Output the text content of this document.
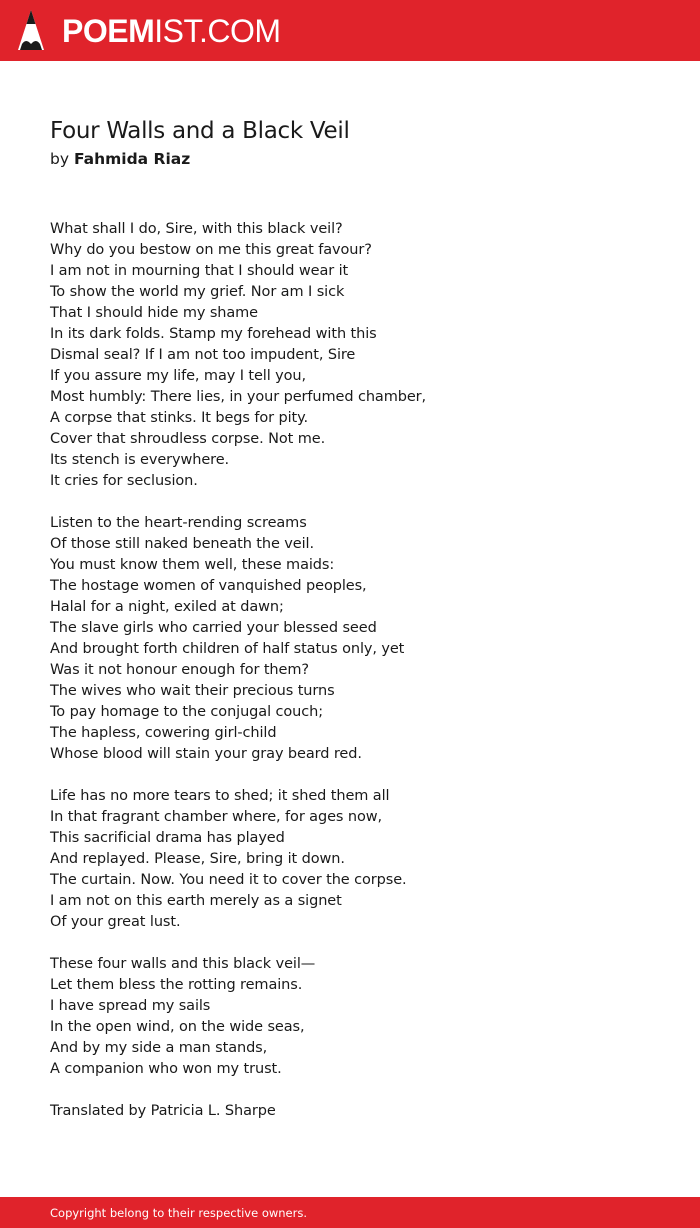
POEMIST.COM
Four Walls and a Black Veil
by Fahmida Riaz
What shall I do, Sire, with this black veil?
Why do you bestow on me this great favour?
I am not in mourning that I should wear it
To show the world my grief. Nor am I sick
That I should hide my shame
In its dark folds. Stamp my forehead with this
Dismal seal? If I am not too impudent, Sire
If you assure my life, may I tell you,
Most humbly: There lies, in your perfumed chamber,
A corpse that stinks. It begs for pity.
Cover that shroudless corpse. Not me.
Its stench is everywhere.
It cries for seclusion.
Listen to the heart-rending screams
Of those still naked beneath the veil.
You must know them well, these maids:
The hostage women of vanquished peoples,
Halal for a night, exiled at dawn;
The slave girls who carried your blessed seed
And brought forth children of half status only, yet
Was it not honour enough for them?
The wives who wait their precious turns
To pay homage to the conjugal couch;
The hapless, cowering girl-child
Whose blood will stain your gray beard red.
Life has no more tears to shed; it shed them all
In that fragrant chamber where, for ages now,
This sacrificial drama has played
And replayed. Please, Sire, bring it down.
The curtain. Now. You need it to cover the corpse.
I am not on this earth merely as a signet
Of your great lust.
These four walls and this black veil—
Let them bless the rotting remains.
I have spread my sails
In the open wind, on the wide seas,
And by my side a man stands,
A companion who won my trust.
Translated by Patricia L. Sharpe
Copyright belong to their respective owners.
